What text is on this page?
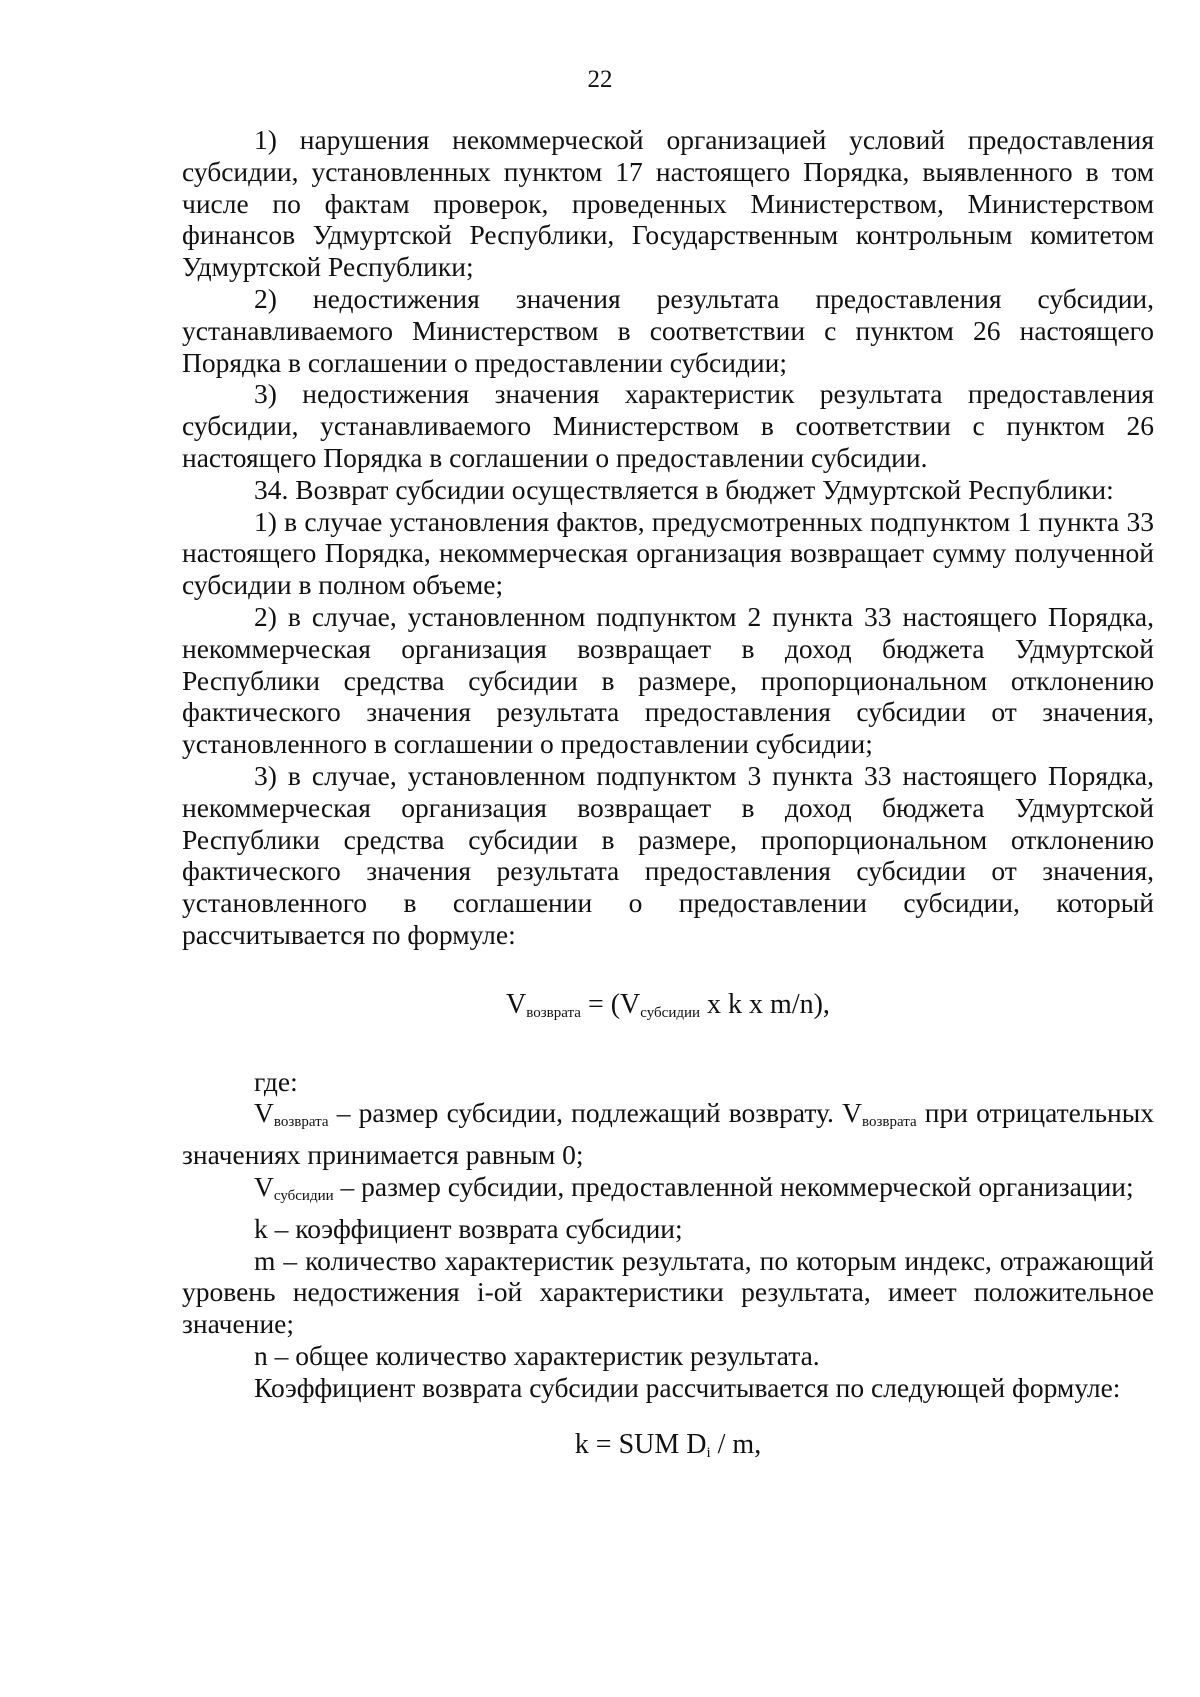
22

1) нарушения некоммерческой организацией условий предоставления субсидии, установленных пунктом 17 настоящего Порядка, выявленного в том числе по фактам проверок, проведенных Министерством, Министерством финансов Удмуртской Республики, Государственным контрольным комитетом Удмуртской Республики;

2) недостижения значения результата предоставления субсидии, устанавливаемого Министерством в соответствии с пунктом 26 настоящего Порядка в соглашении о предоставлении субсидии;

3) недостижения значения характеристик результата предоставления субсидии, устанавливаемого Министерством в соответствии с пунктом 26 настоящего Порядка в соглашении о предоставлении субсидии.

34. Возврат субсидии осуществляется в бюджет Удмуртской Республики:

1) в случае установления фактов, предусмотренных подпунктом 1 пункта 33 настоящего Порядка, некоммерческая организация возвращает сумму полученной субсидии в полном объеме;

2) в случае, установленном подпунктом 2 пункта 33 настоящего Порядка, некоммерческая организация возвращает в доход бюджета Удмуртской Республики средства субсидии в размере, пропорциональном отклонению фактического значения результата предоставления субсидии от значения, установленного в соглашении о предоставлении субсидии;

3) в случае, установленном подпунктом 3 пункта 33 настоящего Порядка, некоммерческая организация возвращает в доход бюджета Удмуртской Республики средства субсидии в размере, пропорциональном отклонению фактического значения результата предоставления субсидии от значения, установленного в соглашении о предоставлении субсидии, который рассчитывается по формуле:

$V_{возврата} = (V_{субсидии}$ x k x m/n),

где:

$V_{возврата}$ – размер субсидии, подлежащий возврату. $V_{возврата}$ при отрицательных значениях принимается равным 0;

$V_{субсидии}$ – размер субсидии, предоставленной некоммерческой организации;

k – коэффициент возврата субсидии;

m – количество характеристик результата, по которым индекс, отражающий уровень недостижения i-ой характеристики результата, имеет положительное значение;

n – общее количество характеристик результата.

Коэффициент возврата субсидии рассчитывается по следующей формуле:

k = SUM $D_i$ / m,
